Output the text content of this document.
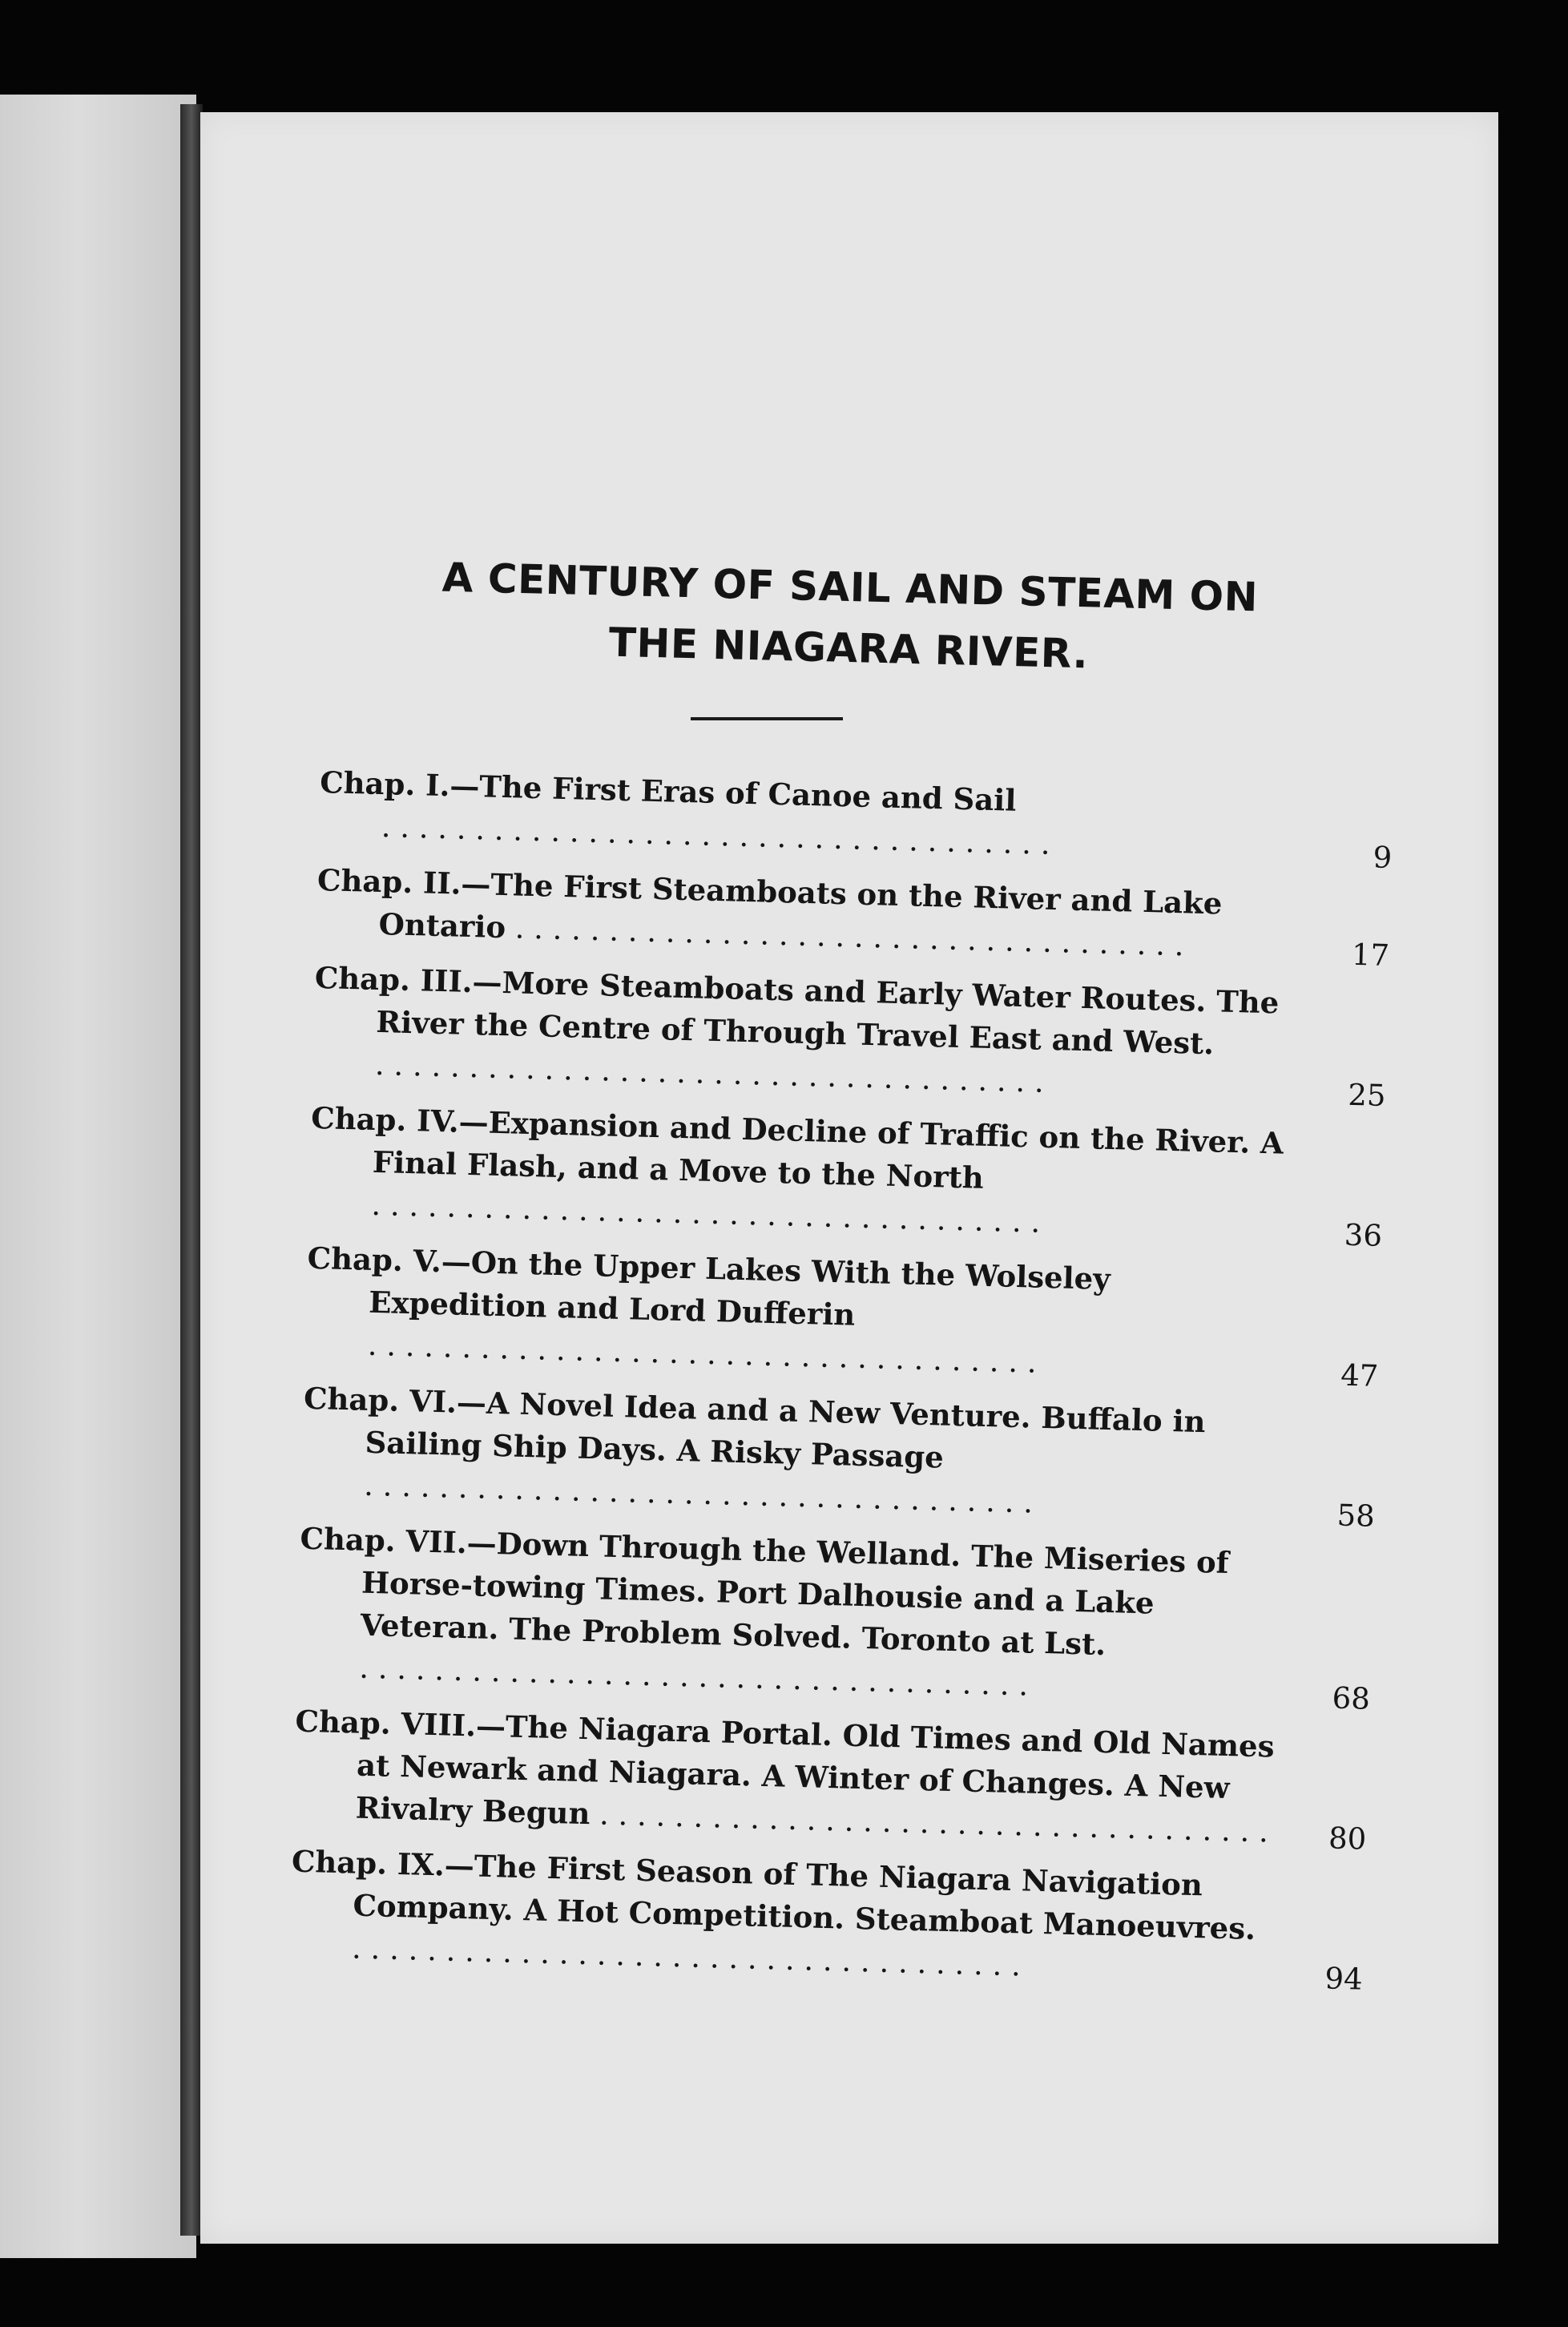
A CENTURY OF SAIL AND STEAM ON
THE NIAGARA RIVER.
Chap. I.—The First Eras of Canoe and Sail . . .
9
Chap. II.—The First Steamboats on the River and Lake Ontario . . .
17
Chap. III.—More Steamboats and Early Water Routes. The River the Centre of Through Travel East and West. . . .
25
Chap. IV.—Expansion and Decline of Traffic on the River. A Final Flash, and a Move to the North . . .
36
Chap. V.—On the Upper Lakes With the Wolseley Expedition and Lord Dufferin . . .
47
Chap. VI.—A Novel Idea and a New Venture. Buffalo in Sailing Ship Days. A Risky Passage . . .
58
Chap. VII.—Down Through the Welland. The Miseries of Horse-towing Times. Port Dalhousie and a Lake Veteran. The Problem Solved. Toronto at Lst. . . .
68
Chap. VIII.—The Niagara Portal. Old Times and Old Names at Newark and Niagara. A Winter of Changes. A New Rivalry Begun . . .
80
Chap. IX.—The First Season of The Niagara Navigation Company. A Hot Competition. Steamboat Manoeuvres. . . .
94
